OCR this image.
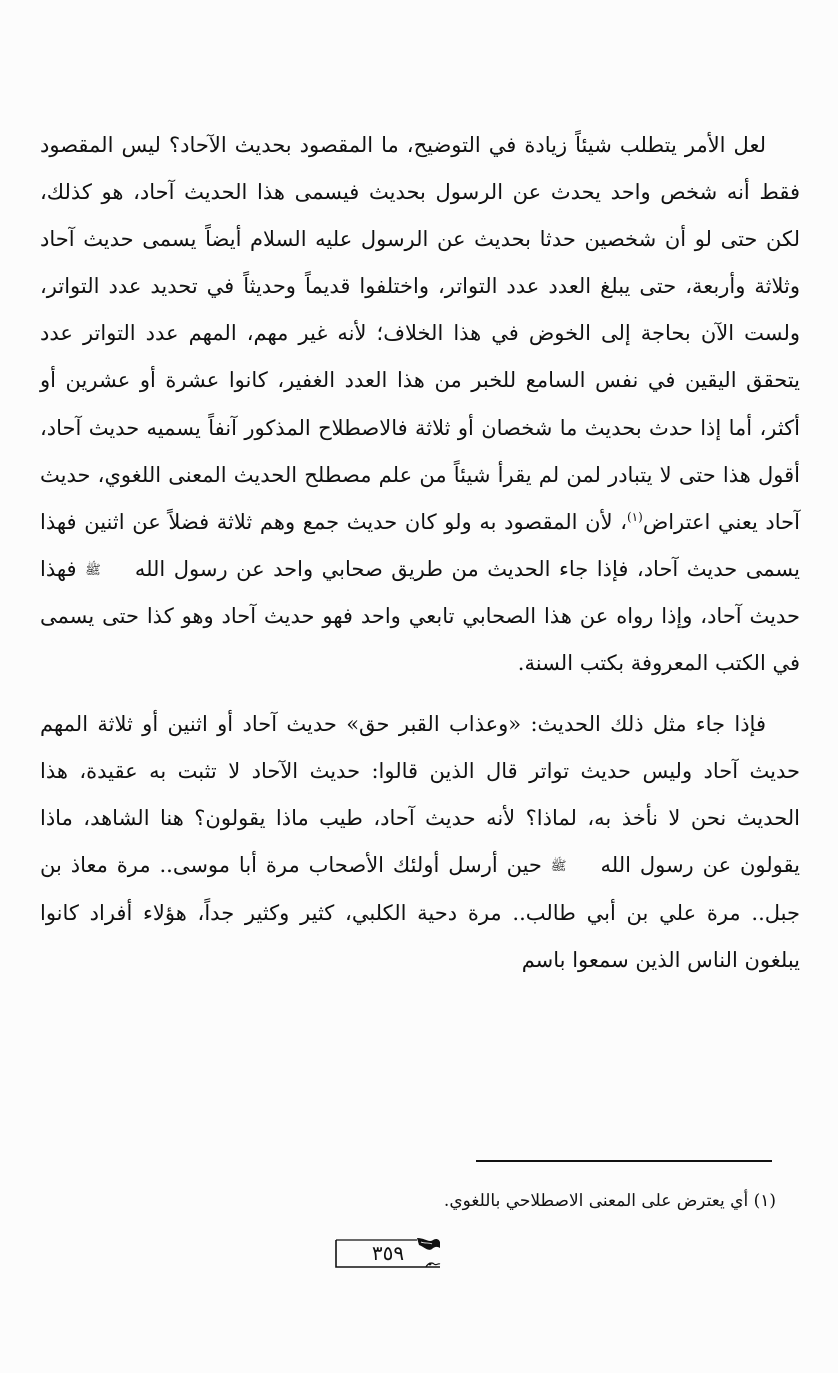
لعل الأمر يتطلب شيئاً زيادة في التوضيح، ما المقصود بحديث الآحاد؟ ليس المقصود فقط أنه شخص واحد يحدث عن الرسول بحديث فيسمى هذا الحديث آحاد، هو كذلك، لكن حتى لو أن شخصين حدثا بحديث عن الرسول عليه السلام أيضاً يسمى حديث آحاد وثلاثة وأربعة، حتى يبلغ العدد عدد التواتر، واختلفوا قديماً وحديثاً في تحديد عدد التواتر، ولست الآن بحاجة إلى الخوض في هذا الخلاف؛ لأنه غير مهم، المهم عدد التواتر عدد يتحقق اليقين في نفس السامع للخبر من هذا العدد الغفير، كانوا عشرة أو عشرين أو أكثر، أما إذا حدث بحديث ما شخصان أو ثلاثة فالاصطلاح المذكور آنفاً يسميه حديث آحاد، أقول هذا حتى لا يتبادر لمن لم يقرأ شيئاً من علم مصطلح الحديث المعنى اللغوي، حديث آحاد يعني اعتراض$^{(١)}$، لأن المقصود به ولو كان حديث جمع وهم ثلاثة فضلاً عن اثنين فهذا يسمى حديث آحاد، فإذا جاء الحديث من طريق صحابي واحد عن رسول اللهﷺ فهذا حديث آحاد، وإذا رواه عن هذا الصحابي تابعي واحد فهو حديث آحاد وهو كذا حتى يسمى في الكتب المعروفة بكتب السنة.

فإذا جاء مثل ذلك الحديث: «وعذاب القبر حق» حديث آحاد أو اثنين أو ثلاثة المهم حديث آحاد وليس حديث تواتر قال الذين قالوا: حديث الآحاد لا تثبت به عقيدة، هذا الحديث نحن لا نأخذ به، لماذا؟ لأنه حديث آحاد، طيب ماذا يقولون؟ هنا الشاهد، ماذا يقولون عن رسول اللهﷺ حين أرسل أولئك الأصحاب مرة أبا موسى.. مرة معاذ بن جبل.. مرة علي بن أبي طالب.. مرة دحية الكلبي، كثير وكثير جداً، هؤلاء أفراد كانوا يبلغون الناس الذين سمعوا باسم

(١) أي يعترض على المعنى الاصطلاحي باللغوي.
٣٥٩
